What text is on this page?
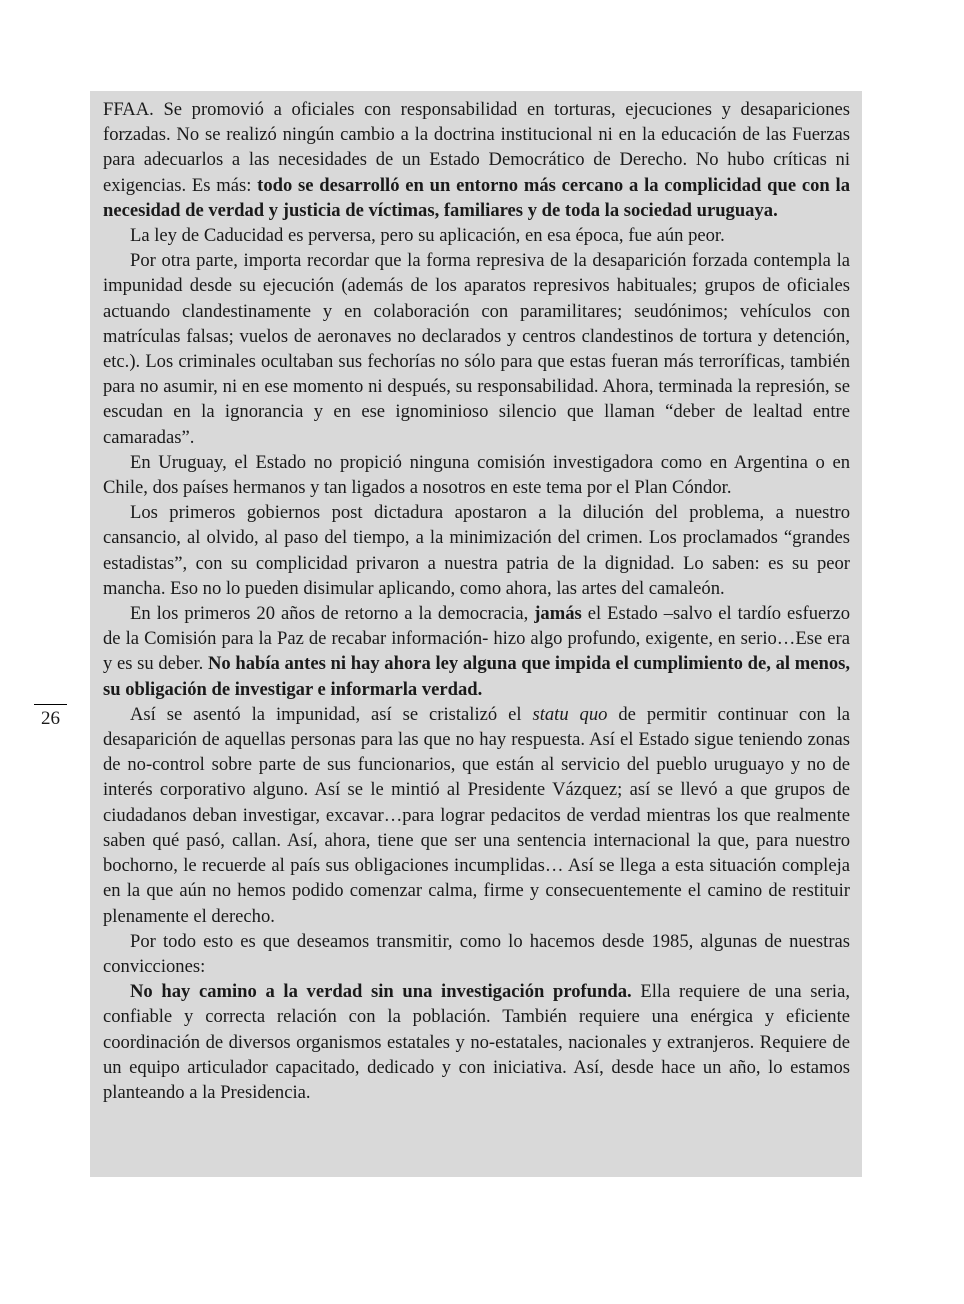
FFAA. Se promovió a oficiales con responsabilidad en torturas, ejecuciones y desapariciones forzadas. No se realizó ningún cambio a la doctrina institucional ni en la educación de las Fuerzas para adecuarlos a las necesidades de un Estado Democrático de Derecho. No hubo críticas ni exigencias. Es más: todo se desarrolló en un entorno más cercano a la complicidad que con la necesidad de verdad y justicia de víctimas, familiares y de toda la sociedad uruguaya.

La ley de Caducidad es perversa, pero su aplicación, en esa época, fue aún peor.

Por otra parte, importa recordar que la forma represiva de la desaparición forzada contempla la impunidad desde su ejecución (además de los aparatos represivos habituales; grupos de oficiales actuando clandestinamente y en colaboración con paramilitares; seudónimos; vehículos con matrículas falsas; vuelos de aeronaves no declarados y centros clandestinos de tortura y detención, etc.). Los criminales ocultaban sus fechorías no sólo para que estas fueran más terroríficas, también para no asumir, ni en ese momento ni después, su responsabilidad. Ahora, terminada la represión, se escudan en la ignorancia y en ese ignominioso silencio que llaman “deber de lealtad entre camaradas”.

En Uruguay, el Estado no propició ninguna comisión investigadora como en Argentina o en Chile, dos países hermanos y tan ligados a nosotros en este tema por el Plan Cóndor.

Los primeros gobiernos post dictadura apostaron a la dilución del problema, a nuestro cansancio, al olvido, al paso del tiempo, a la minimización del crimen. Los proclamados “grandes estadistas”, con su complicidad privaron a nuestra patria de la dignidad. Lo saben: es su peor mancha. Eso no lo pueden disimular aplicando, como ahora, las artes del camaleón.

En los primeros 20 años de retorno a la democracia, jamás el Estado –salvo el tardío esfuerzo de la Comisión para la Paz de recabar información- hizo algo profundo, exigente, en serio…Ese era y es su deber. No había antes ni hay ahora ley alguna que impida el cumplimiento de, al menos, su obligación de investigar e informarla verdad.

Así se asentó la impunidad, así se cristalizó el statu quo de permitir continuar con la desaparición de aquellas personas para las que no hay respuesta. Así el Estado sigue teniendo zonas de no-control sobre parte de sus funcionarios, que están al servicio del pueblo uruguayo y no de interés corporativo alguno. Así se le mintió al Presidente Vázquez; así se llevó a que grupos de ciudadanos deban investigar, excavar…para lograr pedacitos de verdad mientras los que realmente saben qué pasó, callan. Así, ahora, tiene que ser una sentencia internacional la que, para nuestro bochorno, le recuerde al país sus obligaciones incumplidas… Así se llega a esta situación compleja en la que aún no hemos podido comenzar calma, firme y consecuentemente el camino de restituir plenamente el derecho.

Por todo esto es que deseamos transmitir, como lo hacemos desde 1985, algunas de nuestras convicciones:

No hay camino a la verdad sin una investigación profunda. Ella requiere de una seria, confiable y correcta relación con la población. También requiere una enérgica y eficiente coordinación de diversos organismos estatales y no-estatales, nacionales y extranjeros. Requiere de un equipo articulador capacitado, dedicado y con iniciativa. Así, desde hace un año, lo estamos planteando a la Presidencia.

26
